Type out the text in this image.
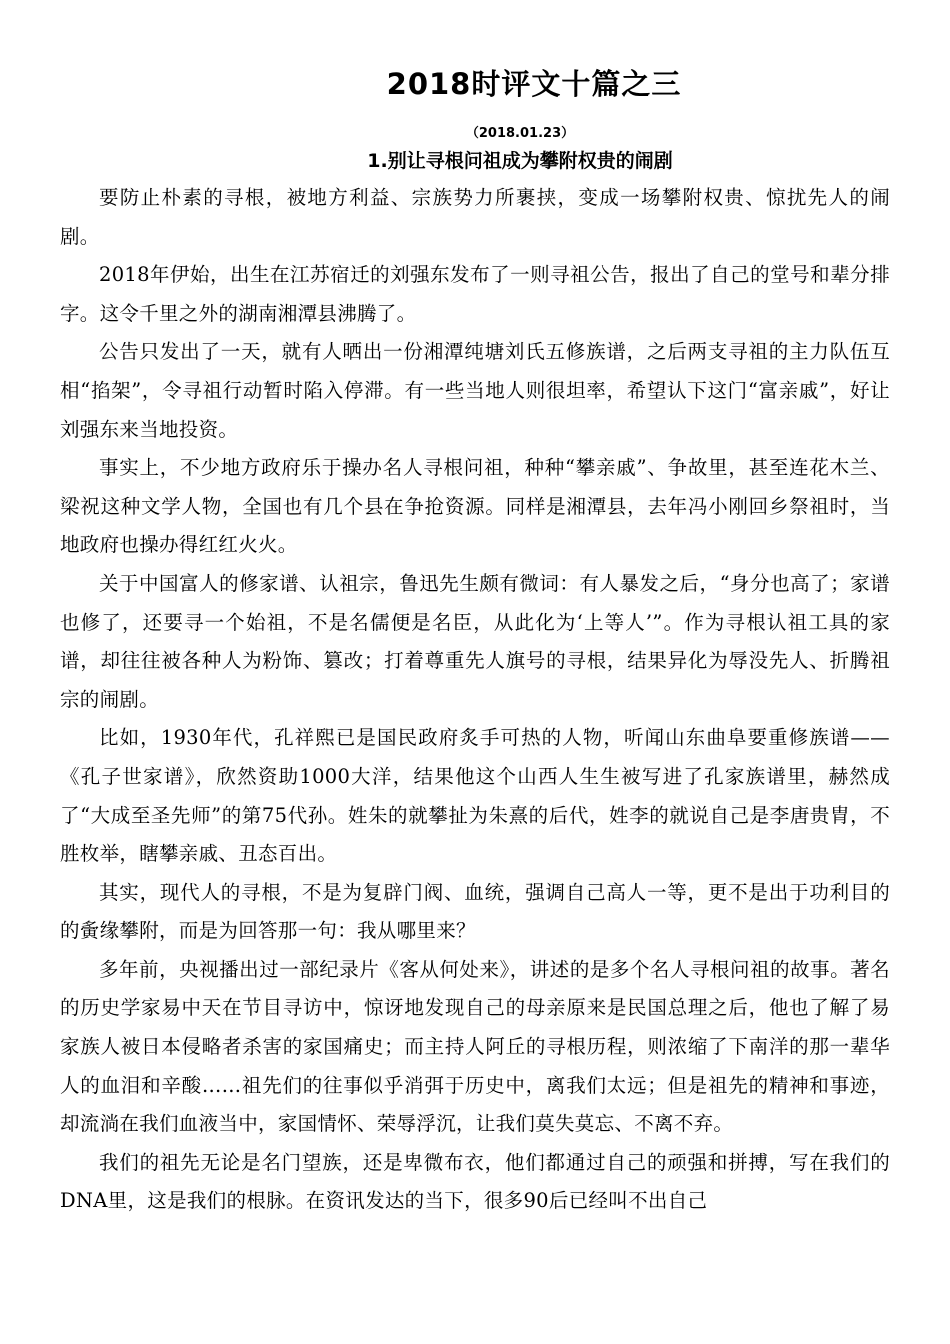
2018时评文十篇之三
（2018.01.23）
1.别让寻根问祖成为攀附权贵的闹剧

要防止朴素的寻根，被地方利益、宗族势力所裹挟，变成一场攀附权贵、惊扰先人的闹剧。

2018年伊始，出生在江苏宿迁的刘强东发布了一则寻祖公告，报出了自己的堂号和辈分排字。这令千里之外的湖南湘潭县沸腾了。

公告只发出了一天，就有人晒出一份湘潭纯塘刘氏五修族谱，之后两支寻祖的主力队伍互相“掐架”，令寻祖行动暂时陷入停滞。有一些当地人则很坦率，希望认下这门“富亲戚”，好让刘强东来当地投资。

事实上，不少地方政府乐于操办名人寻根问祖，种种“攀亲戚”、争故里，甚至连花木兰、梁祝这种文学人物，全国也有几个县在争抢资源。同样是湘潭县，去年冯小刚回乡祭祖时，当地政府也操办得红红火火。

关于中国富人的修家谱、认祖宗，鲁迅先生颇有微词：有人暴发之后，“身分也高了；家谱也修了，还要寻一个始祖，不是名儒便是名臣，从此化为‘上等人’”。作为寻根认祖工具的家谱，却往往被各种人为粉饰、篡改；打着尊重先人旗号的寻根，结果异化为辱没先人、折腾祖宗的闹剧。

比如，1930年代，孔祥熙已是国民政府炙手可热的人物，听闻山东曲阜要重修族谱——《孔子世家谱》，欣然资助1000大洋，结果他这个山西人生生被写进了孔家族谱里，赫然成了“大成至圣先师”的第75代孙。姓朱的就攀扯为朱熹的后代，姓李的就说自己是李唐贵胄，不胜枚举，瞎攀亲戚、丑态百出。

其实，现代人的寻根，不是为复辟门阀、血统，强调自己高人一等，更不是出于功利目的的夤缘攀附，而是为回答那一句：我从哪里来？

多年前，央视播出过一部纪录片《客从何处来》，讲述的是多个名人寻根问祖的故事。著名的历史学家易中天在节目寻访中，惊讶地发现自己的母亲原来是民国总理之后，他也了解了易家族人被日本侵略者杀害的家国痛史；而主持人阿丘的寻根历程，则浓缩了下南洋的那一辈华人的血泪和辛酸……祖先们的往事似乎消弭于历史中，离我们太远；但是祖先的精神和事迹，却流淌在我们血液当中，家国情怀、荣辱浮沉，让我们莫失莫忘、不离不弃。

我们的祖先无论是名门望族，还是卑微布衣，他们都通过自己的顽强和拼搏，写在我们的DNA里，这是我们的根脉。在资讯发达的当下，很多90后已经叫不出自己
